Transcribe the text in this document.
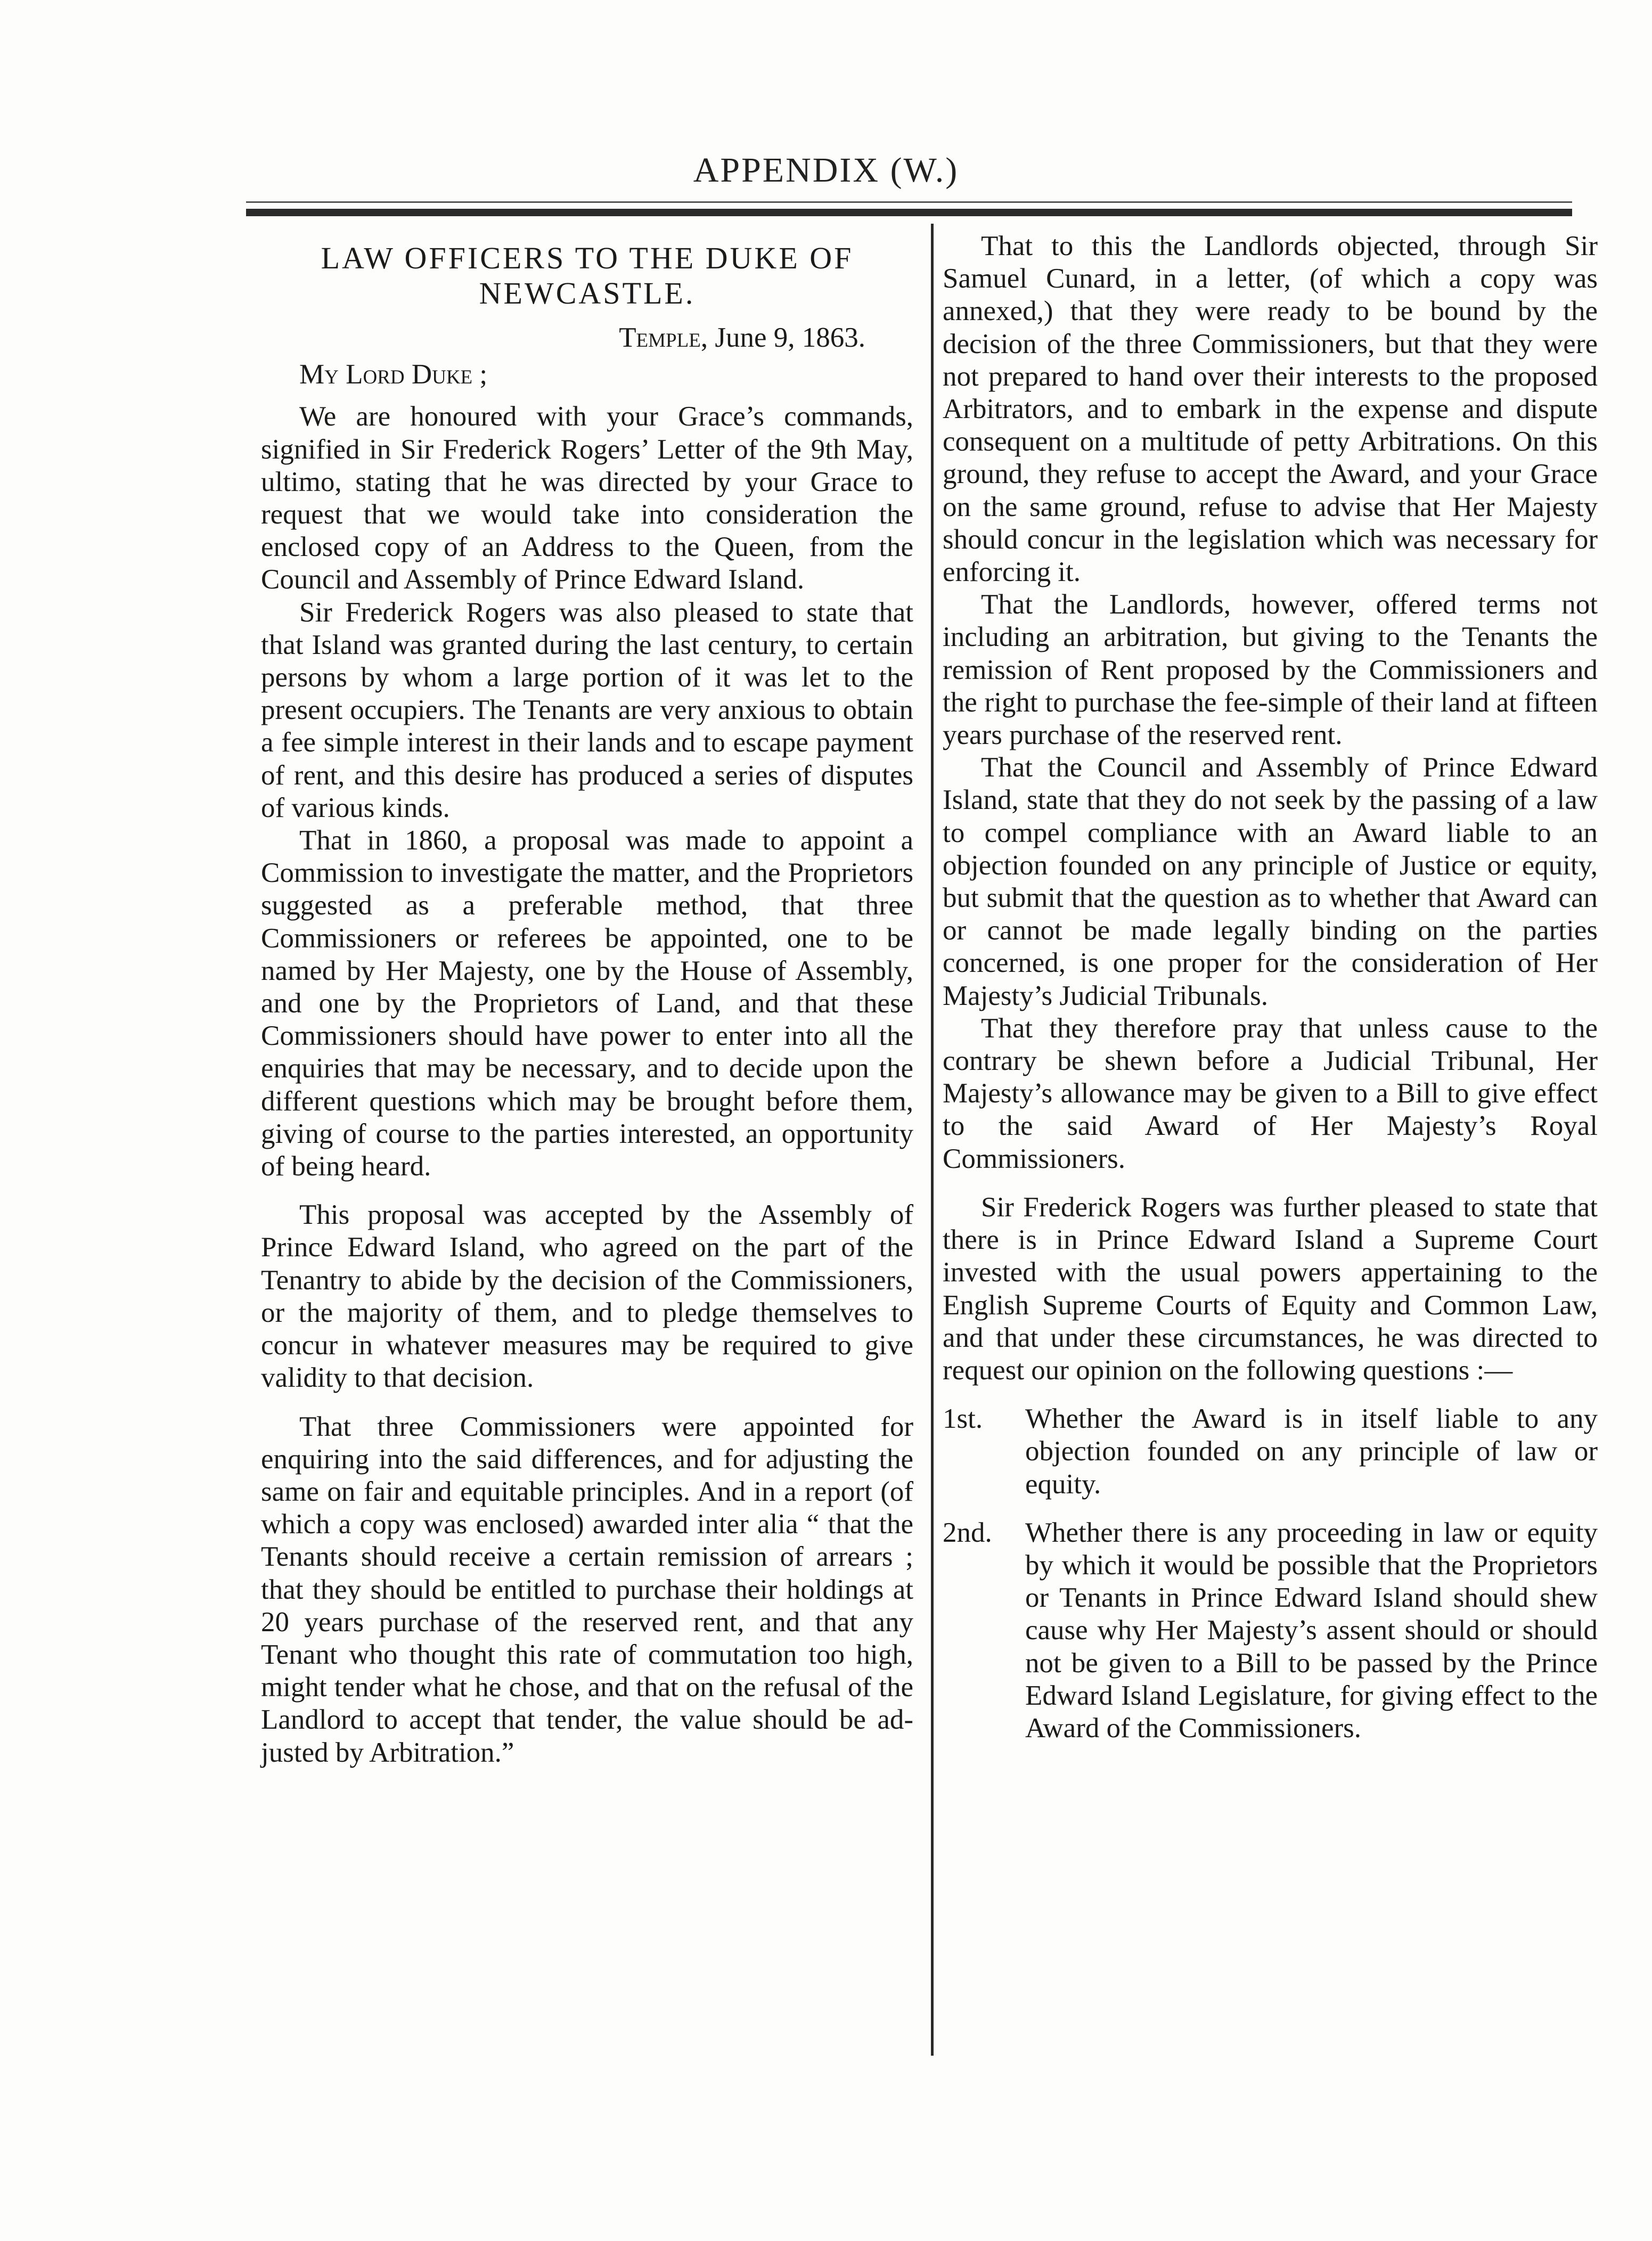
APPENDIX (W.)
LAW OFFICERS TO THE DUKE OF NEWCASTLE.
Temple, June 9, 1863.
My Lord Duke ;

We are honoured with your Grace’s commands, signified in Sir Frederick Rogers’ Letter of the 9th May, ultimo, stating that he was directed by your Grace to request that we would take into consideration the enclosed copy of an Address to the Queen, from the Council and Assembly of Prince Edward Island.

Sir Frederick Rogers was also pleased to state that that Island was granted during the last century, to certain persons by whom a large portion of it was let to the present occupiers. The Tenants are very anxious to obtain a fee simple interest in their lands and to escape payment of rent, and this desire has produced a series of disputes of various kinds.

That in 1860, a proposal was made to appoint a Commission to investigate the matter, and the Proprietors suggested as a preferable method, that three Commissioners or referees be appointed, one to be named by Her Majesty, one by the House of Assembly, and one by the Proprietors of Land, and that these Commissioners should have power to enter into all the enquiries that may be necessary, and to decide upon the different questions which may be brought before them, giving of course to the parties interested, an opportunity of being heard.

This proposal was accepted by the Assembly of Prince Edward Island, who agreed on the part of the Tenantry to abide by the decision of the Commissioners, or the majority of them, and to pledge themselves to concur in whatever measures may be required to give validity to that decision.

That three Commissioners were appointed for enquiring into the said differences, and for adjusting the same on fair and equitable principles. And in a report (of which a copy was enclosed) awarded inter alia “ that the Tenants should receive a certain remission of arrears ; that they should be entitled to purchase their holdings at 20 years purchase of the reserved rent, and that any Tenant who thought this rate of commutation too high, might tender what he chose, and that on the refusal of the Landlord to accept that tender, the value should be adjusted by Arbitration.”

That to this the Landlords objected, through Sir Samuel Cunard, in a letter, (of which a copy was annexed,) that they were ready to be bound by the decision of the three Commissioners, but that they were not prepared to hand over their interests to the proposed Arbitrators, and to embark in the expense and dispute consequent on a multitude of petty Arbitrations. On this ground, they refuse to accept the Award, and your Grace on the same ground, refuse to advise that Her Majesty should concur in the legislation which was necessary for enforcing it.

That the Landlords, however, offered terms not including an arbitration, but giving to the Tenants the remission of Rent proposed by the Commissioners and the right to purchase the fee-simple of their land at fifteen years purchase of the reserved rent.

That the Council and Assembly of Prince Edward Island, state that they do not seek by the passing of a law to compel compliance with an Award liable to an objection founded on any principle of Justice or equity, but submit that the question as to whether that Award can or cannot be made legally binding on the parties concerned, is one proper for the consideration of Her Majesty’s Judicial Tribunals.

That they therefore pray that unless cause to the contrary be shewn before a Judicial Tribunal, Her Majesty’s allowance may be given to a Bill to give effect to the said Award of Her Majesty’s Royal Commissioners.

Sir Frederick Rogers was further pleased to state that there is in Prince Edward Island a Supreme Court invested with the usual powers appertaining to the English Supreme Courts of Equity and Common Law, and that under these circumstances, he was directed to request our opinion on the following questions :—

1st.	Whether the Award is in itself liable to any objection founded on any principle of law or equity.
2nd.	Whether there is any proceeding in law or equity by which it would be possible that the Proprietors or Tenants in Prince Edward Island should shew cause why Her Majesty’s assent should or should not be given to a Bill to be passed by the Prince Edward Island Legislature, for giving effect to the Award of the Commissioners.
